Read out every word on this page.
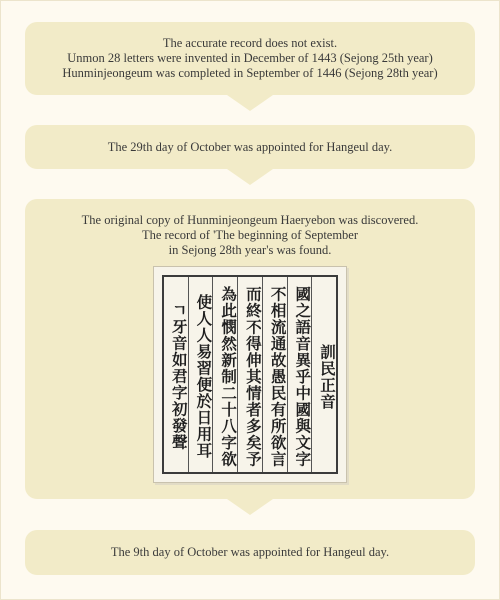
The accurate record does not exist.

Unmon 28 letters were invented in December of 1443 (Sejong 25th year)

Hunminjeongeum was completed in September of 1446 (Sejong 28th year)

The 29th day of October was appointed for Hangeul day.

The original copy of Hunminjeongeum Haeryebon was discovered.

The record of 'The beginning of September

in Sejong 28th year's was found.

訓民正音
國之語音異乎中國與文字
不相流通故愚民有所欲言
而終不得伸其情者多矣予
為此憫然新制二十八字欲
使人人易習便於日用耳
ㄱ牙音如君字初發聲

The 9th day of October was appointed for Hangeul day.
